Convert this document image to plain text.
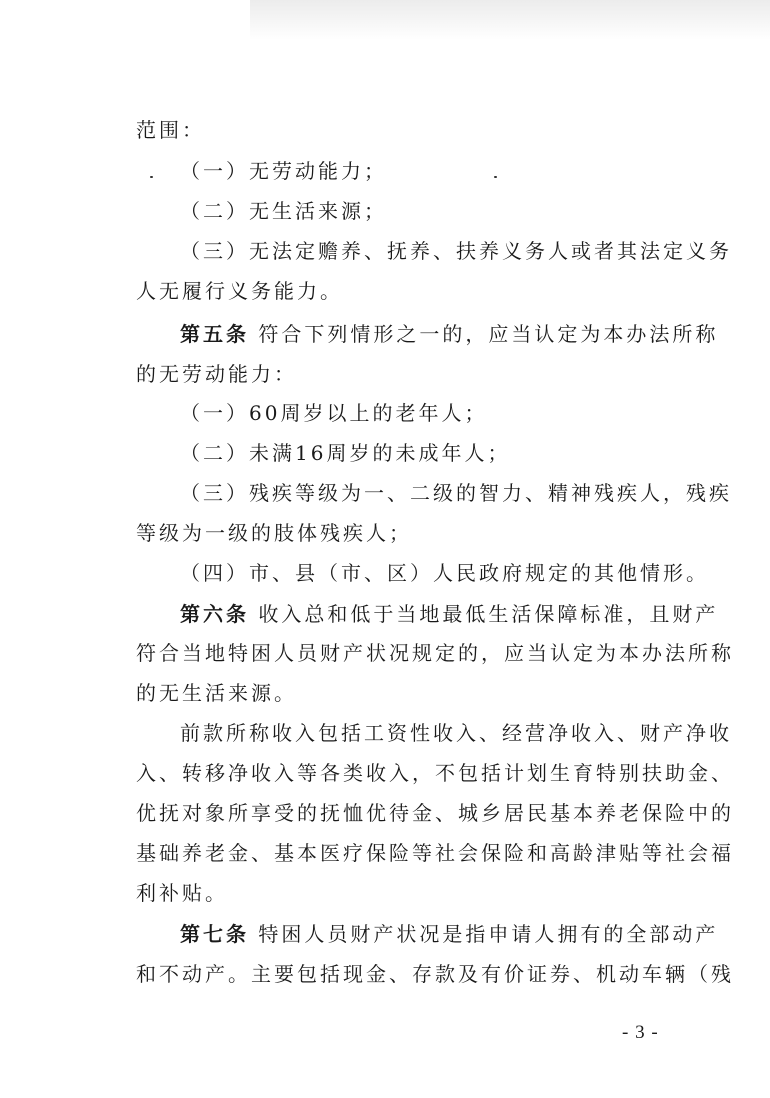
范围：
（一）无劳动能力；
（二）无生活来源；
（三）无法定赡养、抚养、扶养义务人或者其法定义务
人无履行义务能力。
第五条 符合下列情形之一的，应当认定为本办法所称
的无劳动能力：
（一）60周岁以上的老年人；
（二）未满16周岁的未成年人；
（三）残疾等级为一、二级的智力、精神残疾人，残疾
等级为一级的肢体残疾人；
（四）市、县（市、区）人民政府规定的其他情形。
第六条 收入总和低于当地最低生活保障标准，且财产
符合当地特困人员财产状况规定的，应当认定为本办法所称
的无生活来源。
前款所称收入包括工资性收入、经营净收入、财产净收
入、转移净收入等各类收入，不包括计划生育特别扶助金、
优抚对象所享受的抚恤优待金、城乡居民基本养老保险中的
基础养老金、基本医疗保险等社会保险和高龄津贴等社会福
利补贴。
第七条 特困人员财产状况是指申请人拥有的全部动产
和不动产。主要包括现金、存款及有价证券、机动车辆（残
- 3 -
